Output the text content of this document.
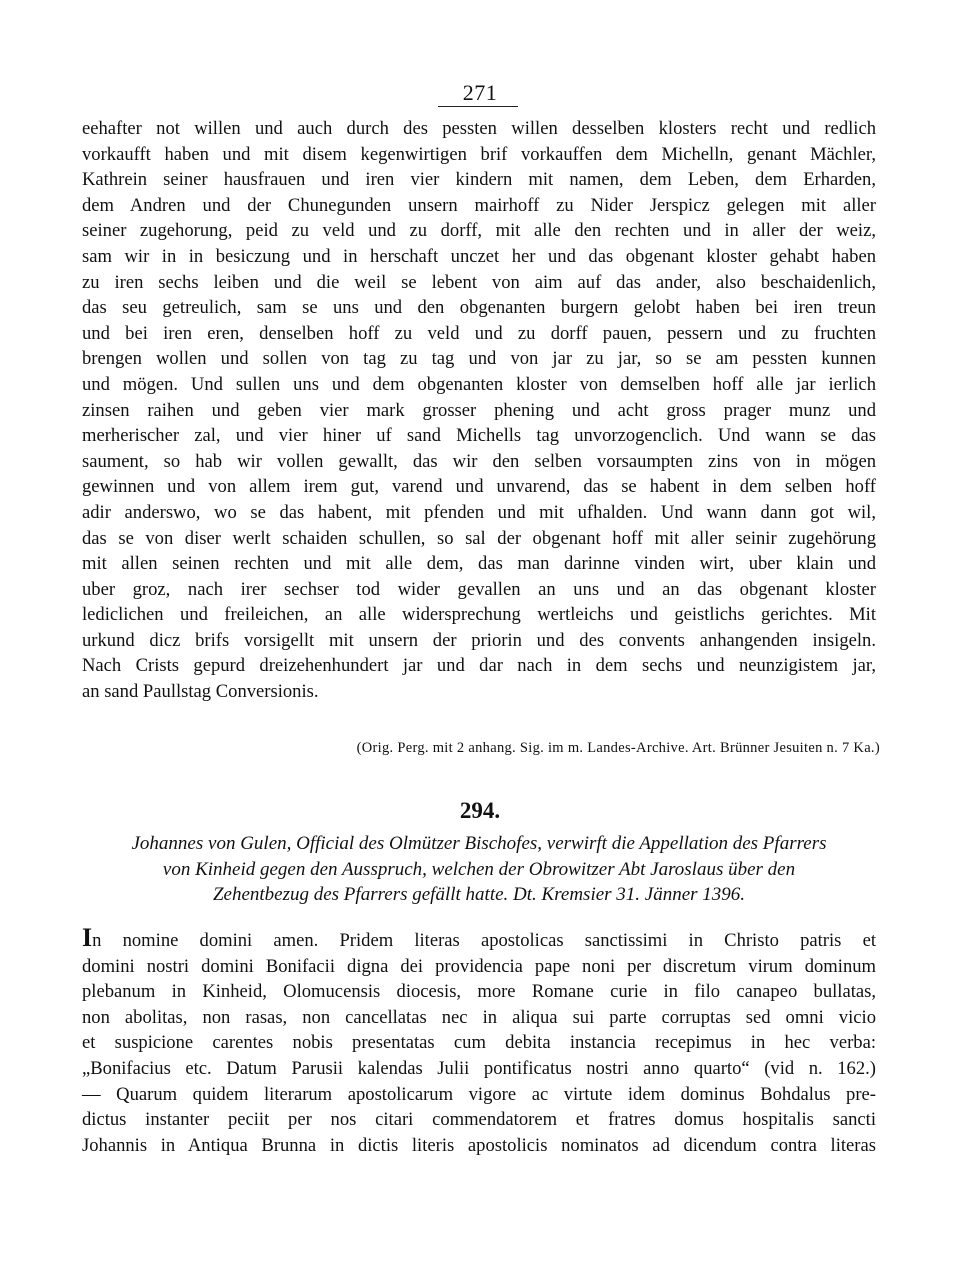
271
eehafter not willen und auch durch des pessten willen desselben klosters recht und redlich
vorkaufft haben und mit disem kegenwirtigen brif vorkauffen dem Michelln, genant Mächler,
Kathrein seiner hausfrauen und iren vier kindern mit namen, dem Leben, dem Erharden,
dem Andren und der Chunegunden unsern mairhoff zu Nider Jerspicz gelegen mit aller
seiner zugehorung, peid zu veld und zu dorff, mit alle den rechten und in aller der weiz,
sam wir in in besiczung und in herschaft unczet her und das obgenant kloster gehabt haben
zu iren sechs leiben und die weil se lebent von aim auf das ander, also beschaidenlich,
das seu getreulich, sam se uns und den obgenanten burgern gelobt haben bei iren treun
und bei iren eren, denselben hoff zu veld und zu dorff pauen, pessern und zu fruchten
brengen wollen und sollen von tag zu tag und von jar zu jar, so se am pessten kunnen
und mögen. Und sullen uns und dem obgenanten kloster von demselben hoff alle jar ierlich
zinsen raihen und geben vier mark grosser phening und acht gross prager munz und
merherischer zal, und vier hiner uf sand Michells tag unvorzogenclich. Und wann se das
saument, so hab wir vollen gewallt, das wir den selben vorsaumpten zins von in mögen
gewinnen und von allem irem gut, varend und unvarend, das se habent in dem selben hoff
adir anderswo, wo se das habent, mit pfenden und mit ufhalden. Und wann dann got wil,
das se von diser werlt schaiden schullen, so sal der obgenant hoff mit aller seinir zugehörung
mit allen seinen rechten und mit alle dem, das man darinne vinden wirt, uber klain und
uber groz, nach irer sechser tod wider gevallen an uns und an das obgenant kloster
lediclichen und freileichen, an alle widersprechung wertleichs und geistlichs gerichtes. Mit
urkund dicz brifs vorsigellt mit unsern der priorin und des convents anhangenden insigeln.
Nach Crists gepurd dreizehenhundert jar und dar nach in dem sechs und neunzigistem jar,
an sand Paullstag Conversionis.
(Orig. Perg. mit 2 anhang. Sig. im m. Landes-Archive. Art. Brünner Jesuiten n. 7 Ka.)
294.
Johannes von Gulen, Official des Olmützer Bischofes, verwirft die Appellation des Pfarrers
von Kinheid gegen den Ausspruch, welchen der Obrowitzer Abt Jaroslaus über den
Zehentbezug des Pfarrers gefällt hatte. Dt. Kremsier 31. Jänner 1396.
In nomine domini amen. Pridem literas apostolicas sanctissimi in Christo patris et
domini nostri domini Bonifacii digna dei providencia pape noni per discretum virum dominum
plebanum in Kinheid, Olomucensis diocesis, more Romane curie in filo canapeo bullatas,
non abolitas, non rasas, non cancellatas nec in aliqua sui parte corruptas sed omni vicio
et suspicione carentes nobis presentatas cum debita instancia recepimus in hec verba:
„Bonifacius etc. Datum Parusii kalendas Julii pontificatus nostri anno quarto“ (vid n. 162.)
— Quarum quidem literarum apostolicarum vigore ac virtute idem dominus Bohdalus pre-
dictus instanter peciit per nos citari commendatorem et fratres domus hospitalis sancti
Johannis in Antiqua Brunna in dictis literis apostolicis nominatos ad dicendum contra literas
